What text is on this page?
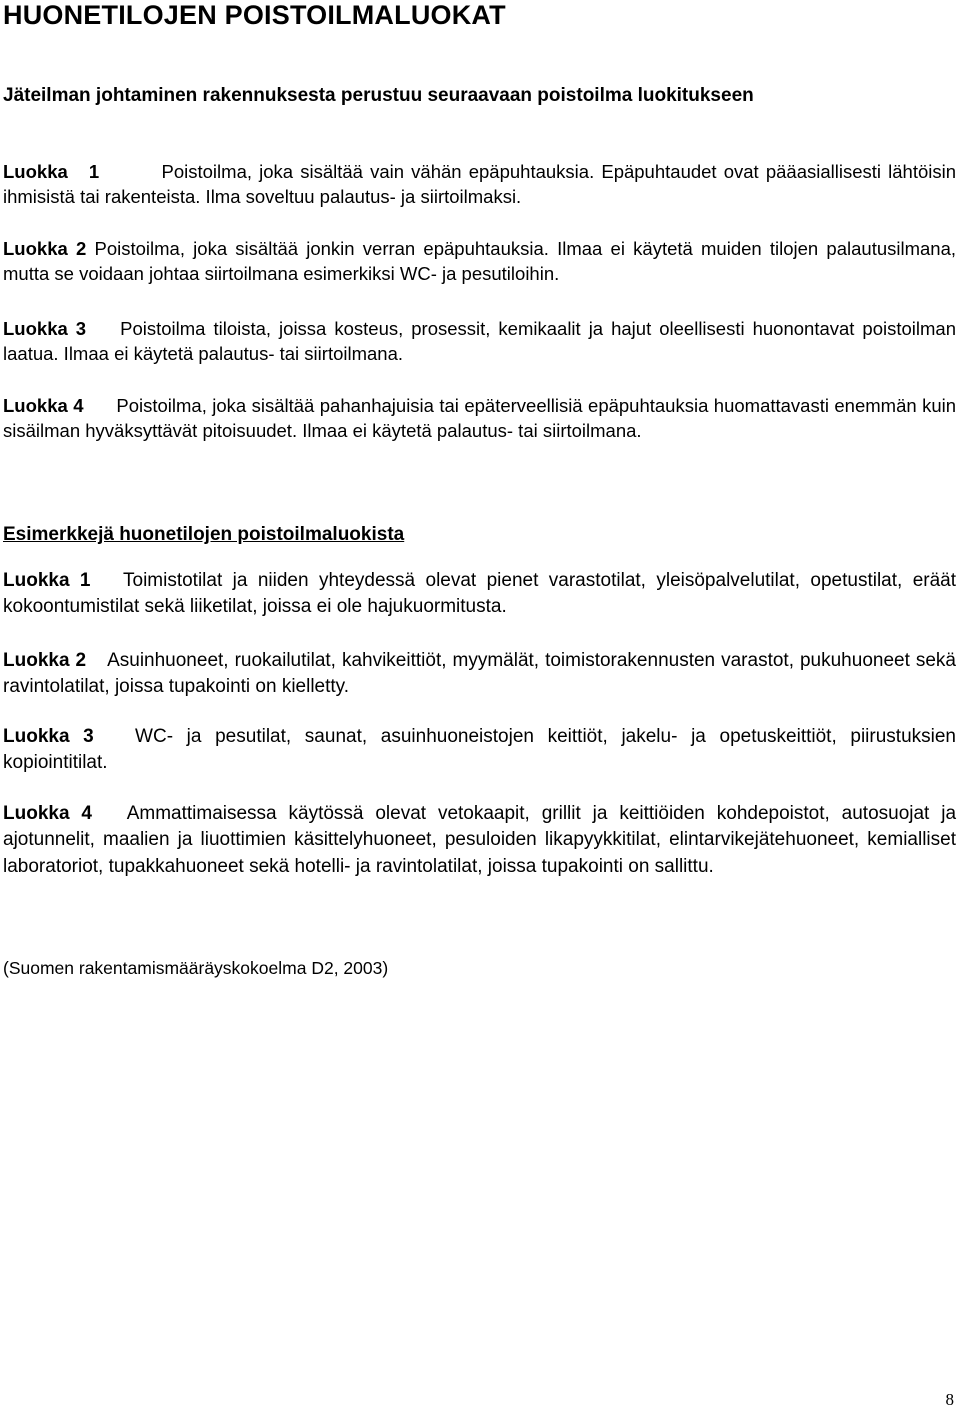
HUONETILOJEN POISTOILMALUOKAT
Jäteilman johtaminen rakennuksesta perustuu seuraavaan poistoilma luokitukseen

Luokka 1	Poistoilma, joka sisältää vain vähän epäpuhtauksia. Epäpuhtaudet ovat pääasiallisesti lähtöisin ihmisistä tai rakenteista. Ilma soveltuu palautus- ja siirtoilmaksi.

Luokka 2 Poistoilma, joka sisältää jonkin verran epäpuhtauksia. Ilmaa ei käytetä muiden tilojen palautusilmana, mutta se voidaan johtaa siirtoilmana esimerkiksi WC- ja pesutiloihin.

Luokka 3 Poistoilma tiloista, joissa kosteus, prosessit, kemikaalit ja hajut oleellisesti huonontavat poistoilman laatua. Ilmaa ei käytetä palautus- tai siirtoilmana.

Luokka 4 Poistoilma, joka sisältää pahanhajuisia tai epäterveellisiä epäpuhtauksia huomattavasti enemmän kuin sisäilman hyväksyttävät pitoisuudet. Ilmaa ei käytetä palautus- tai siirtoilmana.

Esimerkkejä huonetilojen poistoilmaluokista

Luokka 1 Toimistotilat ja niiden yhteydessä olevat pienet varastotilat, yleisöpalvelutilat, opetustilat, eräät kokoontumistilat sekä liiketilat, joissa ei ole hajukuormitusta.

Luokka 2 Asuinhuoneet, ruokailutilat, kahvikeittiöt, myymälät, toimistorakennusten varastot, pukuhuoneet sekä ravintolatilat, joissa tupakointi on kielletty.

Luokka 3 WC- ja pesutilat, saunat, asuinhuoneistojen keittiöt, jakelu- ja opetuskeittiöt, piirustuksien kopiointitilat.

Luokka 4 Ammattimaisessa käytössä olevat vetokaapit, grillit ja keittiöiden kohdepoistot, autosuojat ja ajotunnelit, maalien ja liuottimien käsittelyhuoneet, pesuloiden likapyykkitilat, elintarvikejätehuoneet, kemialliset laboratoriot, tupakkahuoneet sekä hotelli- ja ravintolatilat, joissa tupakointi on sallittu.

(Suomen rakentamismääräyskokoelma D2, 2003)

8
